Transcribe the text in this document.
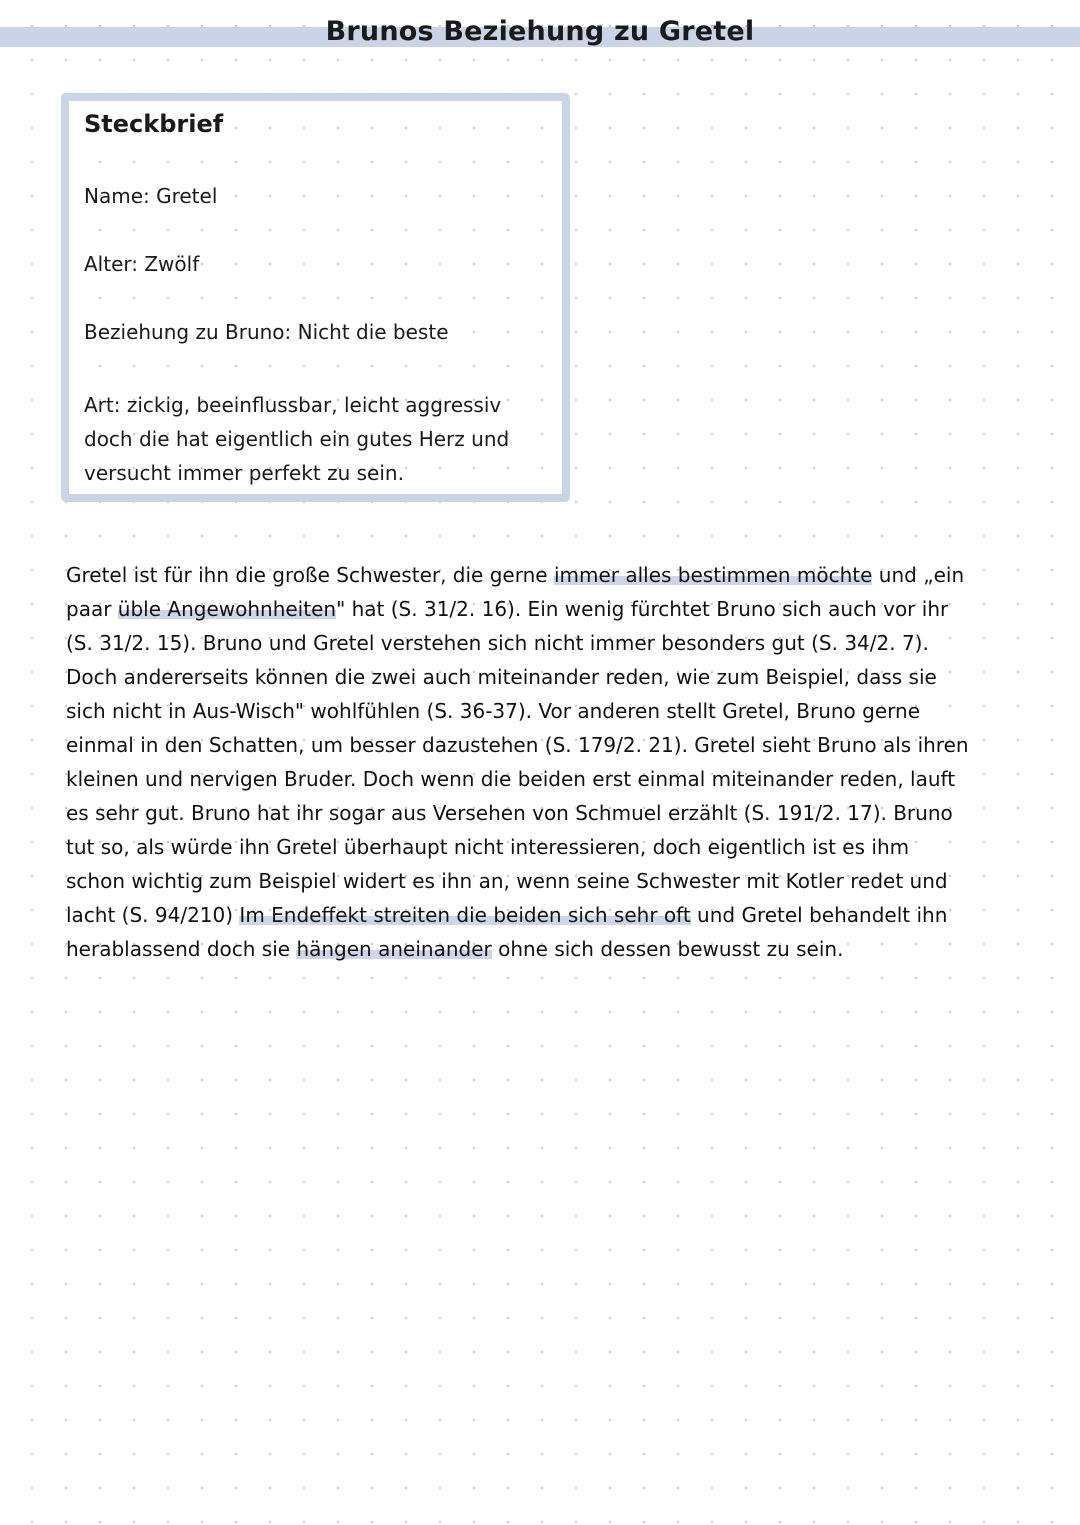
Brunos Beziehung zu Gretel
Steckbrief
Name: Gretel
Alter: Zwölf
Beziehung zu Bruno: Nicht die beste
Art: zickig, beeinflussbar, leicht aggressiv
doch die hat eigentlich ein gutes Herz und
versucht immer perfekt zu sein.

Gretel ist für ihn die große Schwester, die gerne immer alles bestimmen möchte und „ein

paar üble Angewohnheiten" hat (S. 31/2. 16). Ein wenig fürchtet Bruno sich auch vor ihr

(S. 31/2. 15). Bruno und Gretel verstehen sich nicht immer besonders gut (S. 34/2. 7).

Doch andererseits können die zwei auch miteinander reden, wie zum Beispiel, dass sie

sich nicht in Aus-Wisch" wohlfühlen (S. 36-37). Vor anderen stellt Gretel, Bruno gerne

einmal in den Schatten, um besser dazustehen (S. 179/2. 21). Gretel sieht Bruno als ihren

kleinen und nervigen Bruder. Doch wenn die beiden erst einmal miteinander reden, lauft

es sehr gut. Bruno hat ihr sogar aus Versehen von Schmuel erzählt (S. 191/2. 17). Bruno

tut so, als würde ihn Gretel überhaupt nicht interessieren, doch eigentlich ist es ihm

schon wichtig zum Beispiel widert es ihn an, wenn seine Schwester mit Kotler redet und

lacht (S. 94/210) Im Endeffekt streiten die beiden sich sehr oft und Gretel behandelt ihn

herablassend doch sie hängen aneinander ohne sich dessen bewusst zu sein.
